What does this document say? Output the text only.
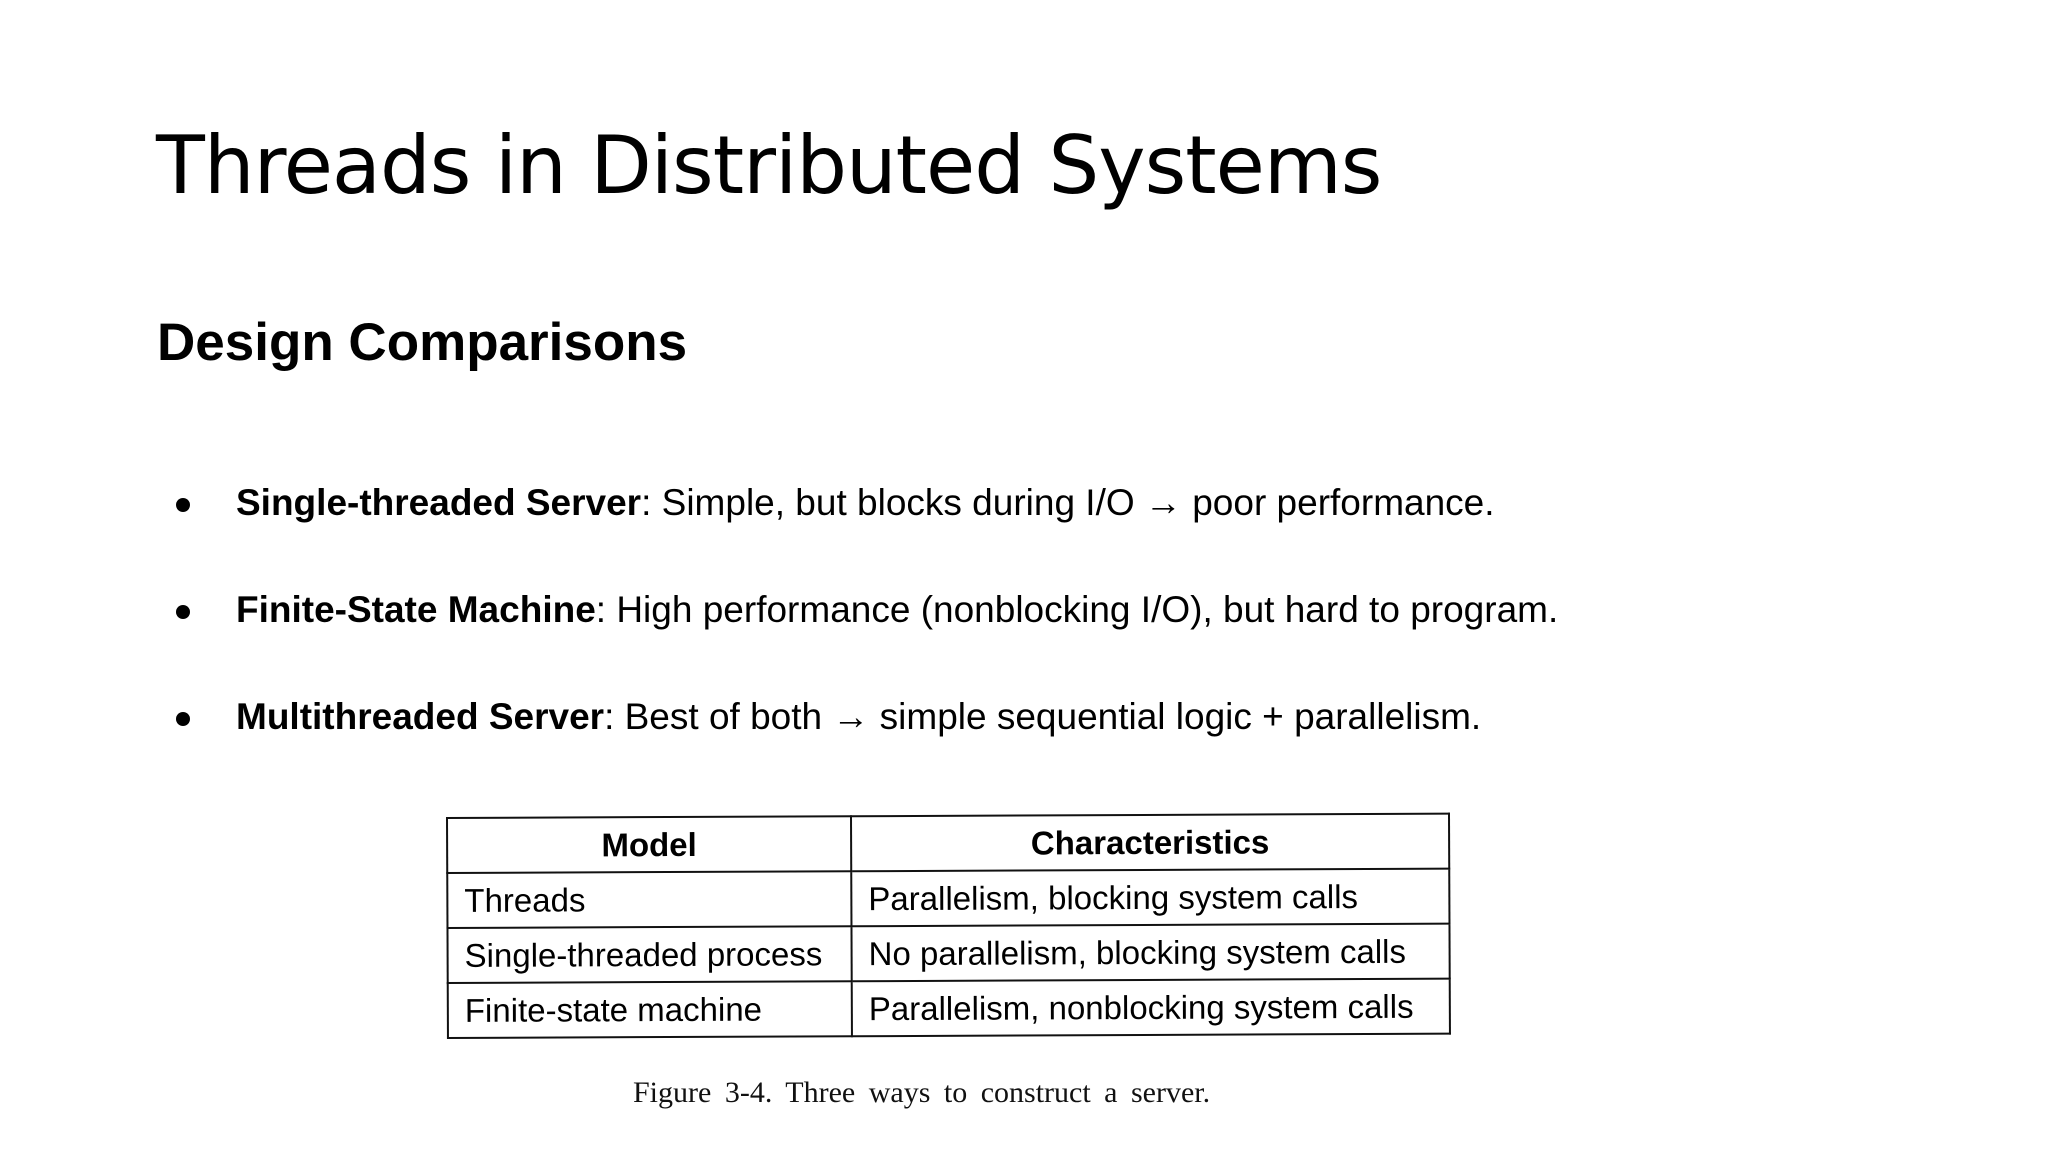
Threads in Distributed Systems
Design Comparisons
Single-threaded Server: Simple, but blocks during I/O → poor performance.
Finite-State Machine: High performance (nonblocking I/O), but hard to program.
Multithreaded Server: Best of both → simple sequential logic + parallelism.
Model	Characteristics
Threads	Parallelism, blocking system calls
Single-threaded process	No parallelism, blocking system calls
Finite-state machine	Parallelism, nonblocking system calls

Figure 3-4. Three ways to construct a server.
